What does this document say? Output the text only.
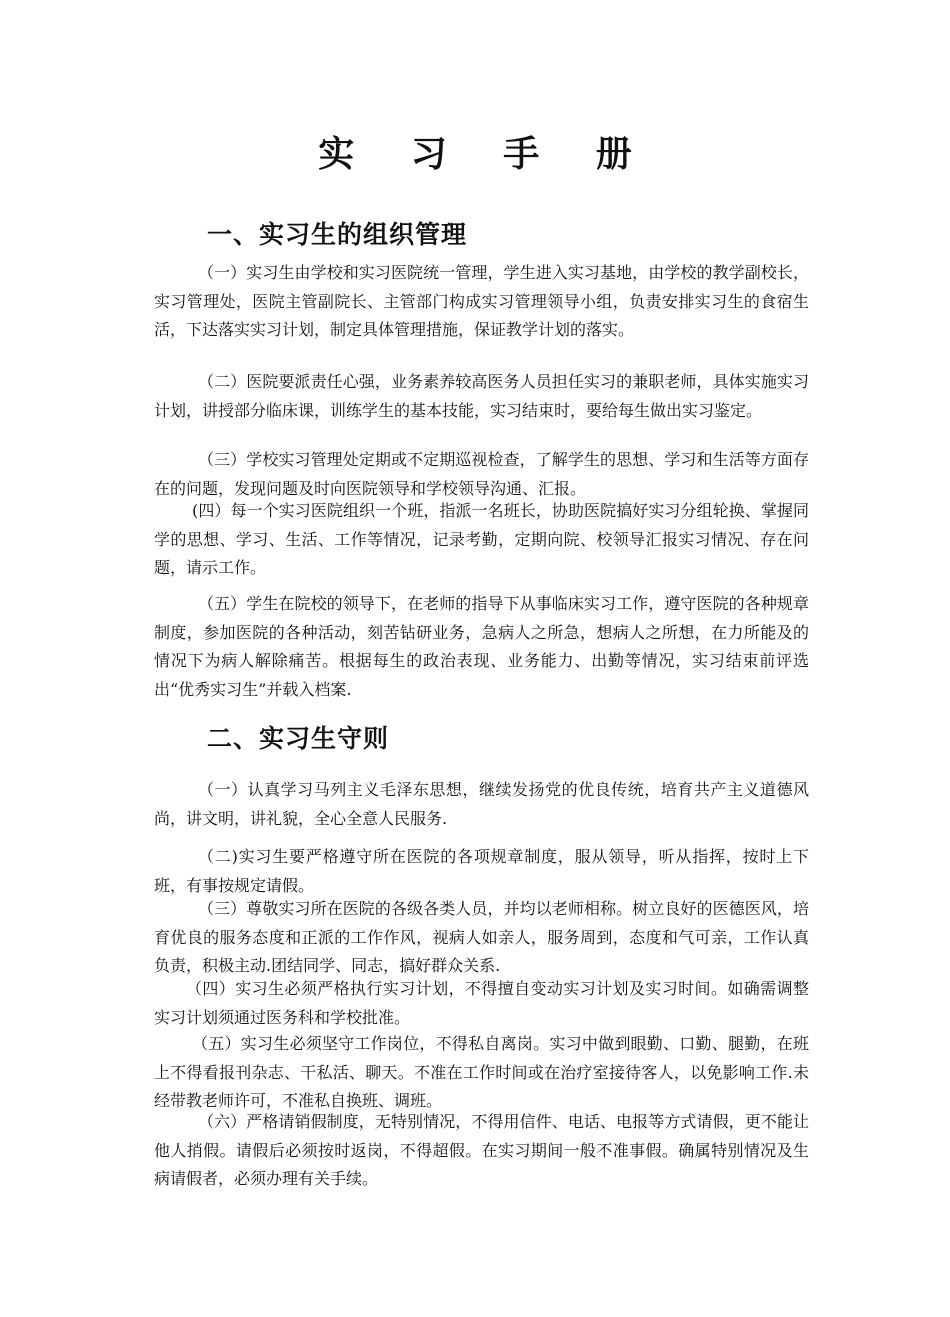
实 习 手 册
一、实习生的组织管理

（一）实习生由学校和实习医院统一管理，学生进入实习基地，由学校的教学副校长，实习管理处，医院主管副院长、主管部门构成实习管理领导小组，负责安排实习生的食宿生活，下达落实实习计划，制定具体管理措施，保证教学计划的落实。

（二）医院要派责任心强，业务素养较高医务人员担任实习的兼职老师，具体实施实习计划，讲授部分临床课，训练学生的基本技能，实习结束时，要给每生做出实习鉴定。

（三）学校实习管理处定期或不定期巡视检查，了解学生的思想、学习和生活等方面存在的问题，发现问题及时向医院领导和学校领导沟通、汇报。

(四）每一个实习医院组织一个班，指派一名班长，协助医院搞好实习分组轮换、掌握同学的思想、学习、生活、工作等情况，记录考勤，定期向院、校领导汇报实习情况、存在问题，请示工作。

（五）学生在院校的领导下，在老师的指导下从事临床实习工作，遵守医院的各种规章制度，参加医院的各种活动，刻苦钻研业务，急病人之所急，想病人之所想，在力所能及的情况下为病人解除痛苦。根据每生的政治表现、业务能力、出勤等情况，实习结束前评选出“优秀实习生”并载入档案.

二、实习生守则

（一）认真学习马列主义毛泽东思想，继续发扬党的优良传统，培育共产主义道德风尚，讲文明，讲礼貌，全心全意人民服务.

（二)实习生要严格遵守所在医院的各项规章制度，服从领导，听从指挥，按时上下班，有事按规定请假。

（三）尊敬实习所在医院的各级各类人员，并均以老师相称。树立良好的医德医风，培育优良的服务态度和正派的工作作风，视病人如亲人，服务周到，态度和气可亲，工作认真负责，积极主动.团结同学、同志，搞好群众关系.

（四）实习生必须严格执行实习计划，不得擅自变动实习计划及实习时间。如确需调整实习计划须通过医务科和学校批准。

（五）实习生必须坚守工作岗位，不得私自离岗。实习中做到眼勤、口勤、腿勤，在班上不得看报刊杂志、干私活、聊天。不准在工作时间或在治疗室接待客人，以免影响工作.未经带教老师许可，不准私自换班、调班。

（六）严格请销假制度，无特别情况，不得用信件、电话、电报等方式请假，更不能让他人捎假。请假后必须按时返岗，不得超假。在实习期间一般不准事假。确属特别情况及生病请假者，必须办理有关手续。
